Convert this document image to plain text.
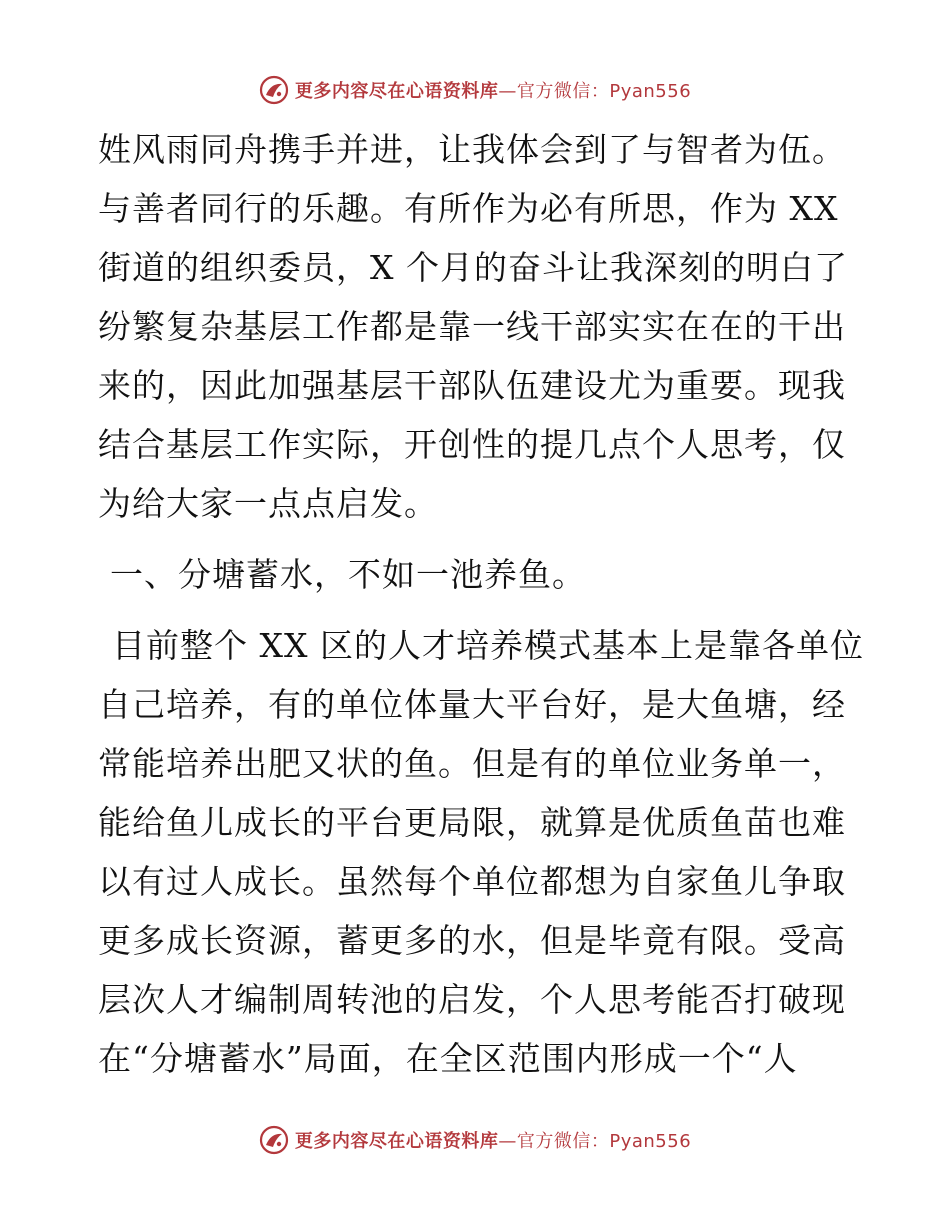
更多内容尽在心语资料库—官方微信：Pyan556

姓风雨同舟携手并进，让我体会到了与智者为伍。
与善者同行的乐趣。有所作为必有所思，作为 XX
街道的组织委员，X 个月的奋斗让我深刻的明白了
纷繁复杂基层工作都是靠一线干部实实在在的干出
来的，因此加强基层干部队伍建设尤为重要。现我
结合基层工作实际，开创性的提几点个人思考，仅
为给大家一点点启发。

一、分塘蓄水，不如一池养鱼。

目前整个 XX 区的人才培养模式基本上是靠各单位

自己培养，有的单位体量大平台好，是大鱼塘，经
常能培养出肥又状的鱼。但是有的单位业务单一，
能给鱼儿成长的平台更局限，就算是优质鱼苗也难
以有过人成长。虽然每个单位都想为自家鱼儿争取
更多成长资源，蓄更多的水，但是毕竟有限。受高
层次人才编制周转池的启发，个人思考能否打破现
在“分塘蓄水”局面，在全区范围内形成一个“人

更多内容尽在心语资料库—官方微信：Pyan556
